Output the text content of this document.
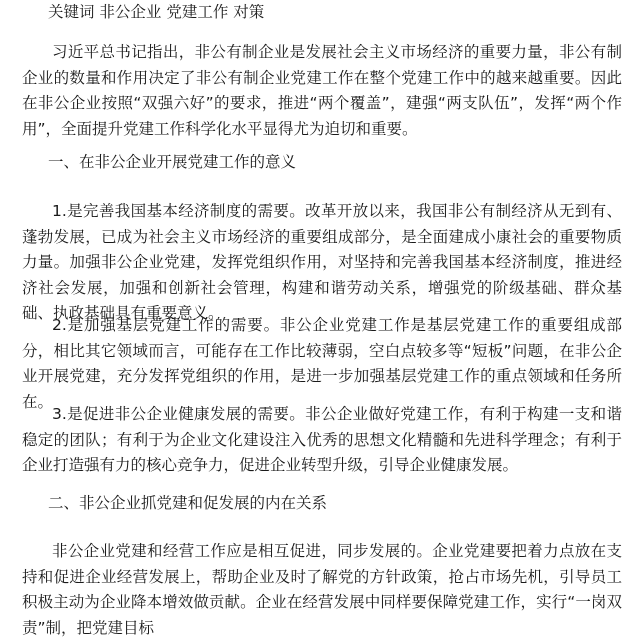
关键词 非公企业 党建工作 对策

习近平总书记指出，非公有制企业是发展社会主义市场经济的重要力量，非公有制企业的数量和作用决定了非公有制企业党建工作在整个党建工作中的越来越重要。因此在非公企业按照“双强六好”的要求，推进“两个覆盖”，建强“两支队伍”，发挥“两个作用”，全面提升党建工作科学化水平显得尤为迫切和重要。

一、在非公企业开展党建工作的意义

1.是完善我国基本经济制度的需要。改革开放以来，我国非公有制经济从无到有、蓬勃发展，已成为社会主义市场经济的重要组成部分，是全面建成小康社会的重要物质力量。加强非公企业党建，发挥党组织作用，对坚持和完善我国基本经济制度，推进经济社会发展，加强和创新社会管理，构建和谐劳动关系，增强党的阶级基础、群众基础、执政基础具有重要意义。

2.是加强基层党建工作的需要。非公企业党建工作是基层党建工作的重要组成部分，相比其它领域而言，可能存在工作比较薄弱，空白点较多等“短板”问题，在非公企业开展党建，充分发挥党组织的作用，是进一步加强基层党建工作的重点领域和任务所在。

3.是促进非公企业健康发展的需要。非公企业做好党建工作，有利于构建一支和谐稳定的团队；有利于为企业文化建设注入优秀的思想文化精髓和先进科学理念；有利于企业打造强有力的核心竞争力，促进企业转型升级，引导企业健康发展。

二、非公企业抓党建和促发展的内在关系

非公企业党建和经营工作应是相互促进，同步发展的。企业党建要把着力点放在支持和促进企业经营发展上，帮助企业及时了解党的方针政策，抢占市场先机，引导员工积极主动为企业降本增效做贡献。企业在经营发展中同样要保障党建工作，实行“一岗双责”制，把党建目标
